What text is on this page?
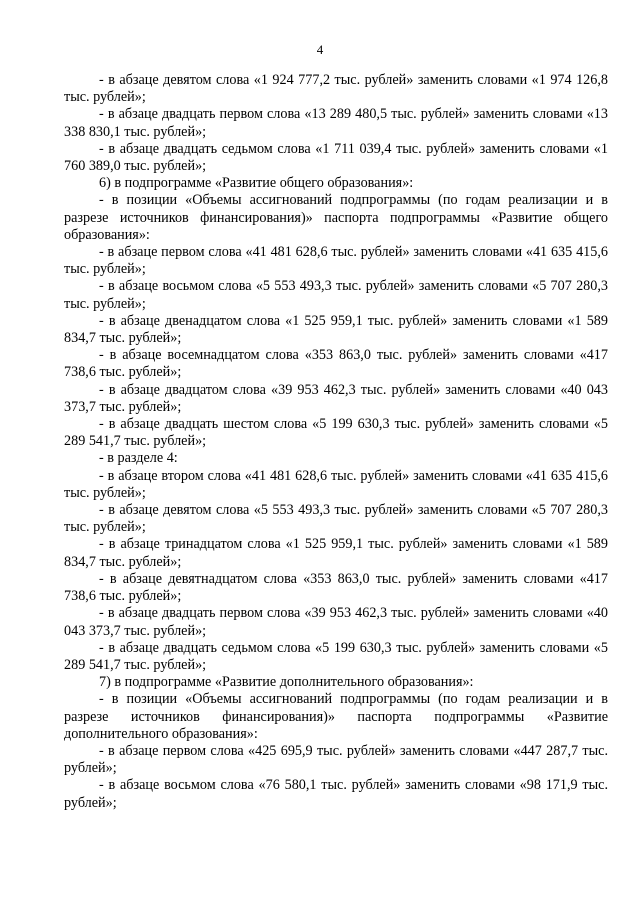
4

- в абзаце девятом слова «1 924 777,2 тыс. рублей» заменить словами «1 974 126,8 тыс. рублей»;

- в абзаце двадцать первом слова «13 289 480,5 тыс. рублей» заменить словами «13 338 830,1 тыс. рублей»;

- в абзаце двадцать седьмом слова «1 711 039,4 тыс. рублей» заменить словами «1 760 389,0 тыс. рублей»;

6) в подпрограмме «Развитие общего образования»:

- в позиции «Объемы ассигнований подпрограммы (по годам реализации и в разрезе источников финансирования)» паспорта подпрограммы «Развитие общего образования»:

- в абзаце первом слова «41 481 628,6 тыс. рублей» заменить словами «41 635 415,6 тыс. рублей»;

- в абзаце восьмом слова «5 553 493,3 тыс. рублей» заменить словами «5 707 280,3 тыс. рублей»;

- в абзаце двенадцатом слова «1 525 959,1 тыс. рублей» заменить словами «1 589 834,7 тыс. рублей»;

- в абзаце восемнадцатом слова «353 863,0 тыс. рублей» заменить словами «417 738,6 тыс. рублей»;

- в абзаце двадцатом слова «39 953 462,3 тыс. рублей» заменить словами «40 043 373,7 тыс. рублей»;

- в абзаце двадцать шестом слова «5 199 630,3 тыс. рублей» заменить словами «5 289 541,7 тыс. рублей»;

- в разделе 4:

- в абзаце втором слова «41 481 628,6 тыс. рублей» заменить словами «41 635 415,6 тыс. рублей»;

- в абзаце девятом слова «5 553 493,3 тыс. рублей» заменить словами «5 707 280,3 тыс. рублей»;

- в абзаце тринадцатом слова «1 525 959,1 тыс. рублей» заменить словами «1 589 834,7 тыс. рублей»;

- в абзаце девятнадцатом слова «353 863,0 тыс. рублей» заменить словами «417 738,6 тыс. рублей»;

- в абзаце двадцать первом слова «39 953 462,3 тыс. рублей» заменить словами «40 043 373,7 тыс. рублей»;

- в абзаце двадцать седьмом слова «5 199 630,3 тыс. рублей» заменить словами «5 289 541,7 тыс. рублей»;

7) в подпрограмме «Развитие дополнительного образования»:

- в позиции «Объемы ассигнований подпрограммы (по годам реализации и в разрезе источников финансирования)» паспорта подпрограммы «Развитие дополнительного образования»:

- в абзаце первом слова «425 695,9 тыс. рублей» заменить словами «447 287,7 тыс. рублей»;

- в абзаце восьмом слова «76 580,1 тыс. рублей» заменить словами «98 171,9 тыс. рублей»;
